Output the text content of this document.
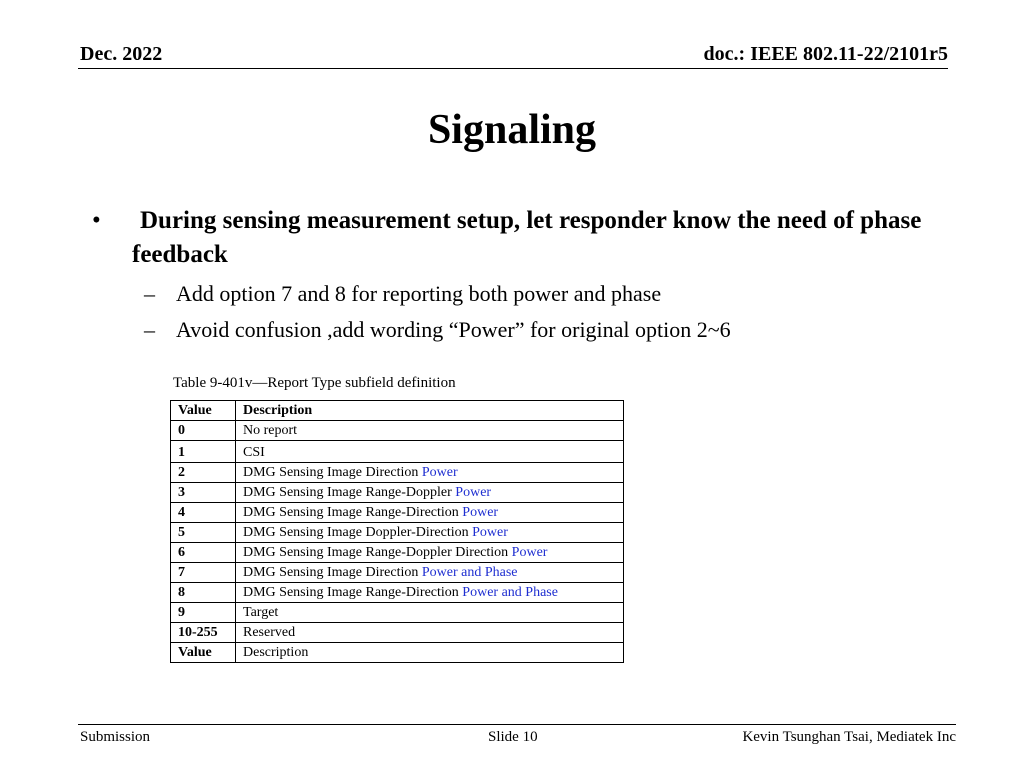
Dec. 2022	doc.: IEEE 802.11-22/2101r5
Signaling
•	During sensing measurement setup, let responder know the need of phase feedback
– Add option 7 and 8 for reporting both power and phase
– Avoid confusion ,add wording “Power” for original option 2~6
Table 9-401v—Report Type subfield definition
Value	Description
0	No report
1	CSI
2	DMG Sensing Image Direction Power
3	DMG Sensing Image Range-Doppler Power
4	DMG Sensing Image Range-Direction Power
5	DMG Sensing Image Doppler-Direction Power
6	DMG Sensing Image Range-Doppler Direction Power
7	DMG Sensing Image Direction Power and Phase
8	DMG Sensing Image Range-Direction Power and Phase
9	Target
10-255	Reserved
Value	Description
Submission	Slide 10	Kevin Tsunghan Tsai, Mediatek Inc
